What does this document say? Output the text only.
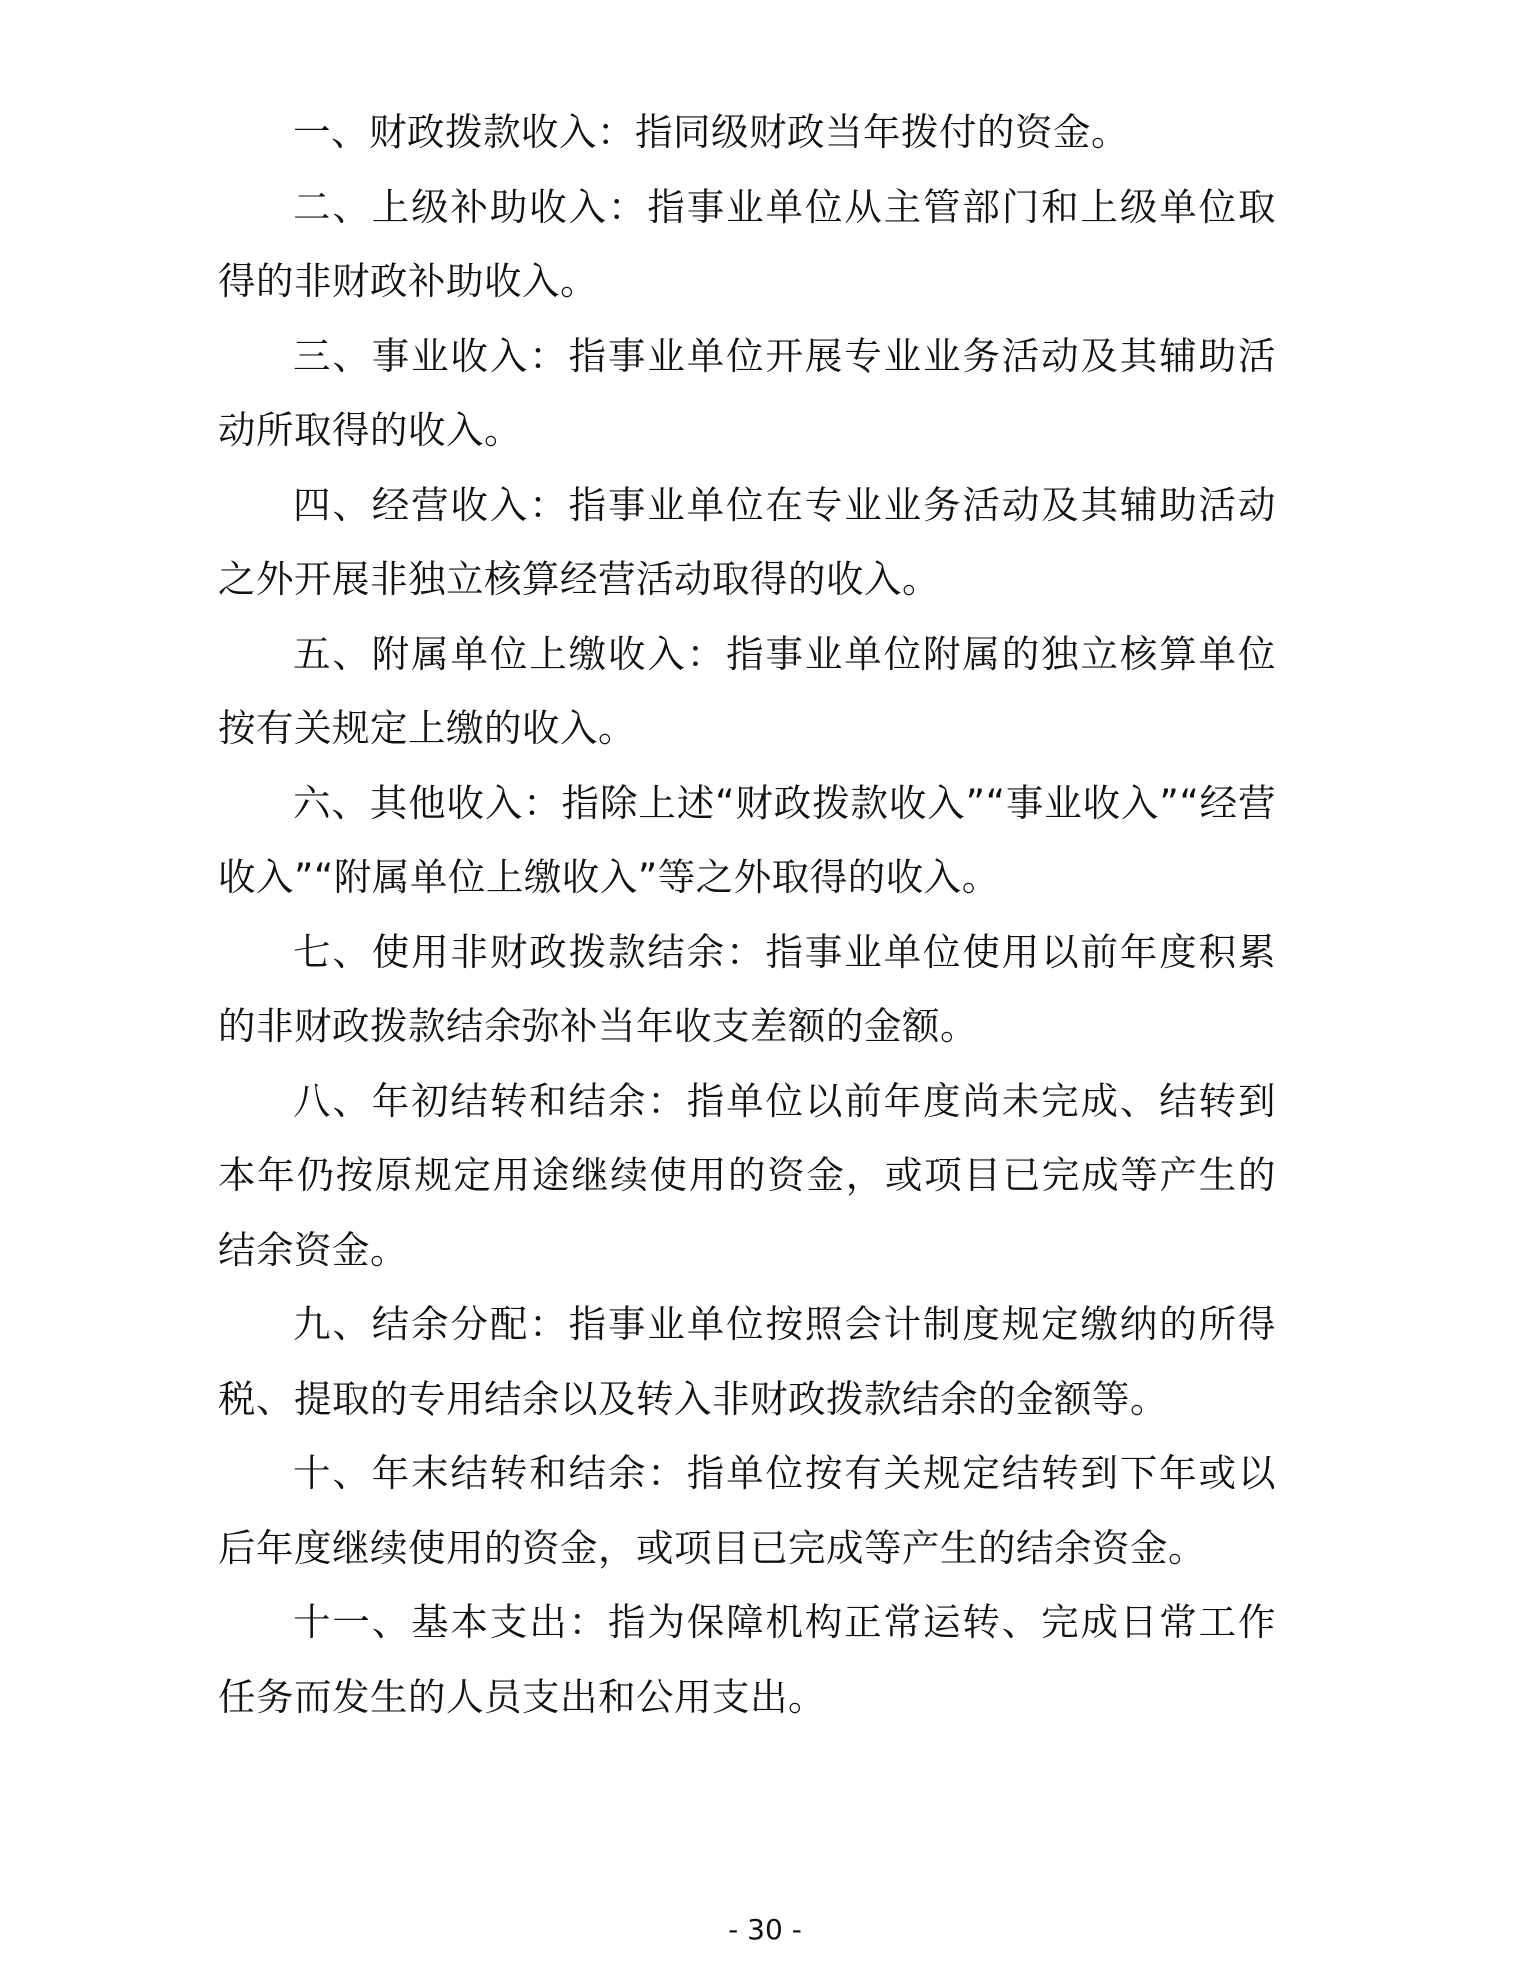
一、财政拨款收入：指同级财政当年拨付的资金。

二、上级补助收入：指事业单位从主管部门和上级单位取得的非财政补助收入。

三、事业收入：指事业单位开展专业业务活动及其辅助活动所取得的收入。

四、经营收入：指事业单位在专业业务活动及其辅助活动之外开展非独立核算经营活动取得的收入。

五、附属单位上缴收入：指事业单位附属的独立核算单位按有关规定上缴的收入。

六、其他收入：指除上述“财政拨款收入”“事业收入”“经营收入”“附属单位上缴收入”等之外取得的收入。

七、使用非财政拨款结余：指事业单位使用以前年度积累的非财政拨款结余弥补当年收支差额的金额。

八、年初结转和结余：指单位以前年度尚未完成、结转到本年仍按原规定用途继续使用的资金，或项目已完成等产生的结余资金。

九、结余分配：指事业单位按照会计制度规定缴纳的所得税、提取的专用结余以及转入非财政拨款结余的金额等。

十、年末结转和结余：指单位按有关规定结转到下年或以后年度继续使用的资金，或项目已完成等产生的结余资金。

十一、基本支出：指为保障机构正常运转、完成日常工作任务而发生的人员支出和公用支出。

- 30 -
